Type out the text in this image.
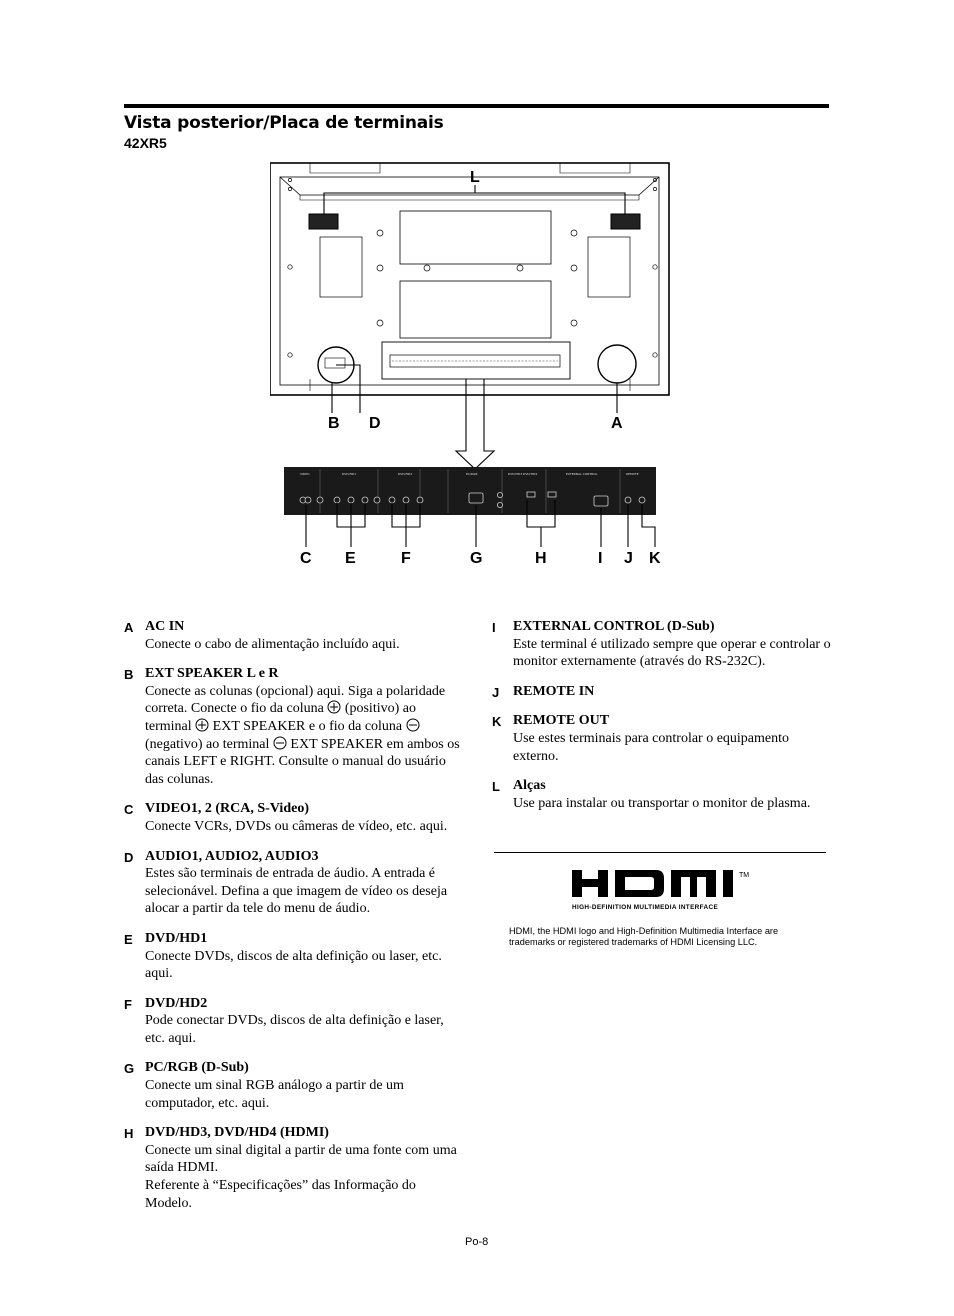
Vista posterior/Placa de terminais
42XR5
VIDEO	DVD/HD1	DVD/HD2	PC/RGB	DVD/HD3 DVD/HD4	EXTERNAL CONTROL	REMOTE
L
B D	A
C E	F	G	H	I J K
A AC IN
Conecte o cabo de alimentação incluído aqui.
B EXT SPEAKER L e R
Conecte as colunas (opcional) aqui. Siga a polaridade correta. Conecte o fio da coluna  (positivo) ao terminal  EXT SPEAKER e o fio da coluna  (negativo) ao terminal  EXT SPEAKER em ambos os canais LEFT e RIGHT. Consulte o manual do usuário das colunas.
C VIDEO1, 2 (RCA, S-Video)
Conecte VCRs, DVDs ou câmeras de vídeo, etc. aqui.
D AUDIO1, AUDIO2, AUDIO3
Estes são terminais de entrada de áudio. A entrada é selecionável. Defina a que imagem de vídeo os deseja alocar a partir da tele do menu de áudio.
E DVD/HD1
Conecte DVDs, discos de alta definição ou laser, etc. aqui.
F DVD/HD2
Pode conectar DVDs, discos de alta definição e laser, etc. aqui.
G PC/RGB (D-Sub)
Conecte um sinal RGB análogo a partir de um computador, etc. aqui.
H DVD/HD3, DVD/HD4 (HDMI)
Conecte um sinal digital a partir de uma fonte com uma saída HDMI.
Referente à “Especificações” das Informação do Modelo.
I EXTERNAL CONTROL (D-Sub)
Este terminal é utilizado sempre que operar e controlar o monitor externamente (através do RS-232C).
J REMOTE IN
K REMOTE OUT
Use estes terminais para controlar o equipamento externo.
L Alças
Use para instalar ou transportar o monitor de plasma.
TM
HIGH-DEFINITION MULTIMEDIA INTERFACE
HDMI, the HDMI logo and High-Definition Multimedia Interface are trademarks or registered trademarks of HDMI Licensing LLC.
Po-8
